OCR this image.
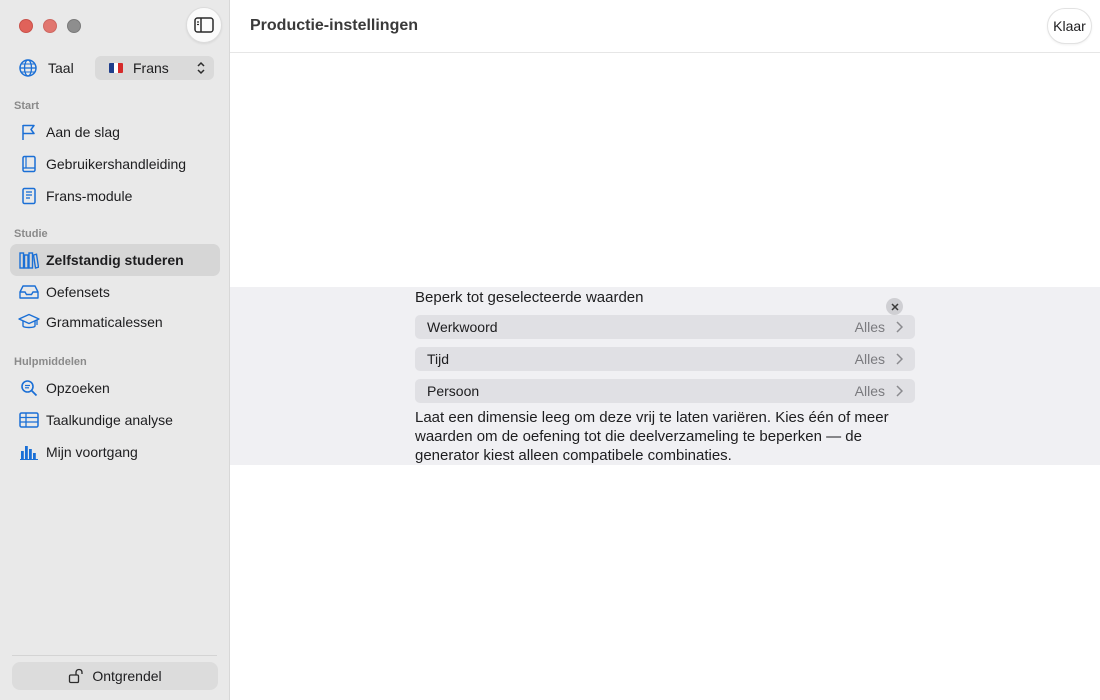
Taal	Frans
Start
Aan de slag
Gebruikershandleiding
Frans-module
Studie
Zelfstandig studeren
Oefensets
Grammaticalessen
Hulpmiddelen
Opzoeken
Taalkundige analyse
Mijn voortgang
Ontgrendel
Productie-instellingen	Klaar
Beperk tot geselecteerde waarden
Werkwoord	Alles
Tijd	Alles
Persoon	Alles
Laat een dimensie leeg om deze vrij te laten variëren. Kies één of meer waarden om de oefening tot die deelverzameling te beperken — de generator kiest alleen compatibele combinaties.
